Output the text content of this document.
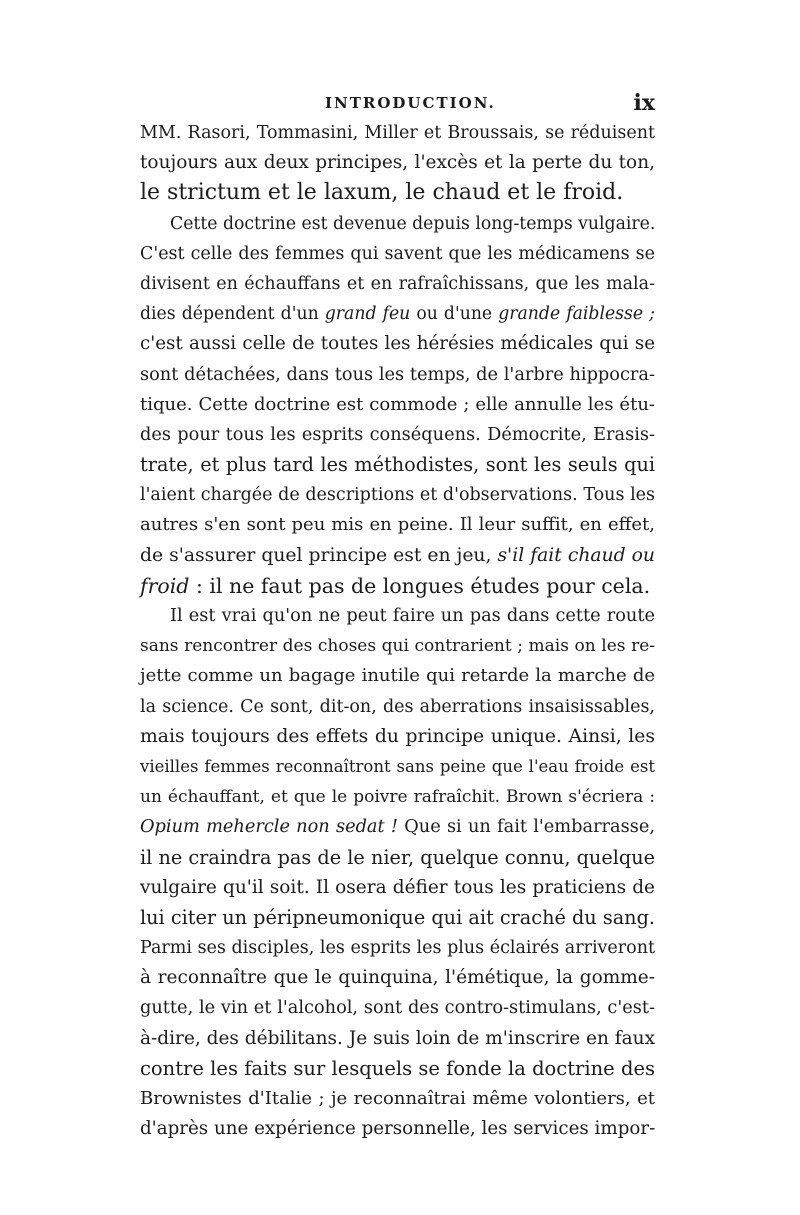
INTRODUCTION.	ix
MM. Rasori, Tommasini, Miller et Broussais, se réduisent
toujours aux deux principes, l'excès et la perte du ton,
le strictum et le laxum, le chaud et le froid.
Cette doctrine est devenue depuis long-temps vulgaire.
C'est celle des femmes qui savent que les médicamens se
divisent en échauffans et en rafraîchissans, que les mala-
dies dépendent d'un grand feu ou d'une grande faiblesse ;
c'est aussi celle de toutes les hérésies médicales qui se
sont détachées, dans tous les temps, de l'arbre hippocra-
tique. Cette doctrine est commode ; elle annulle les étu-
des pour tous les esprits conséquens. Démocrite, Erasis-
trate, et plus tard les méthodistes, sont les seuls qui
l'aient chargée de descriptions et d'observations. Tous les
autres s'en sont peu mis en peine. Il leur suffit, en effet,
de s'assurer quel principe est en jeu, s'il fait chaud ou
froid : il ne faut pas de longues études pour cela.
Il est vrai qu'on ne peut faire un pas dans cette route
sans rencontrer des choses qui contrarient ; mais on les re-
jette comme un bagage inutile qui retarde la marche de
la science. Ce sont, dit-on, des aberrations insaisissables,
mais toujours des effets du principe unique. Ainsi, les
vieilles femmes reconnaîtront sans peine que l'eau froide est
un échauffant, et que le poivre rafraîchit. Brown s'écriera :
Opium mehercle non sedat ! Que si un fait l'embarrasse,
il ne craindra pas de le nier, quelque connu, quelque
vulgaire qu'il soit. Il osera défier tous les praticiens de
lui citer un péripneumonique qui ait craché du sang.
Parmi ses disciples, les esprits les plus éclairés arriveront
à reconnaître que le quinquina, l'émétique, la gomme-
gutte, le vin et l'alcohol, sont des contro-stimulans, c'est-
à-dire, des débilitans. Je suis loin de m'inscrire en faux
contre les faits sur lesquels se fonde la doctrine des
Brownistes d'Italie ; je reconnaîtrai même volontiers, et
d'après une expérience personnelle, les services impor-
